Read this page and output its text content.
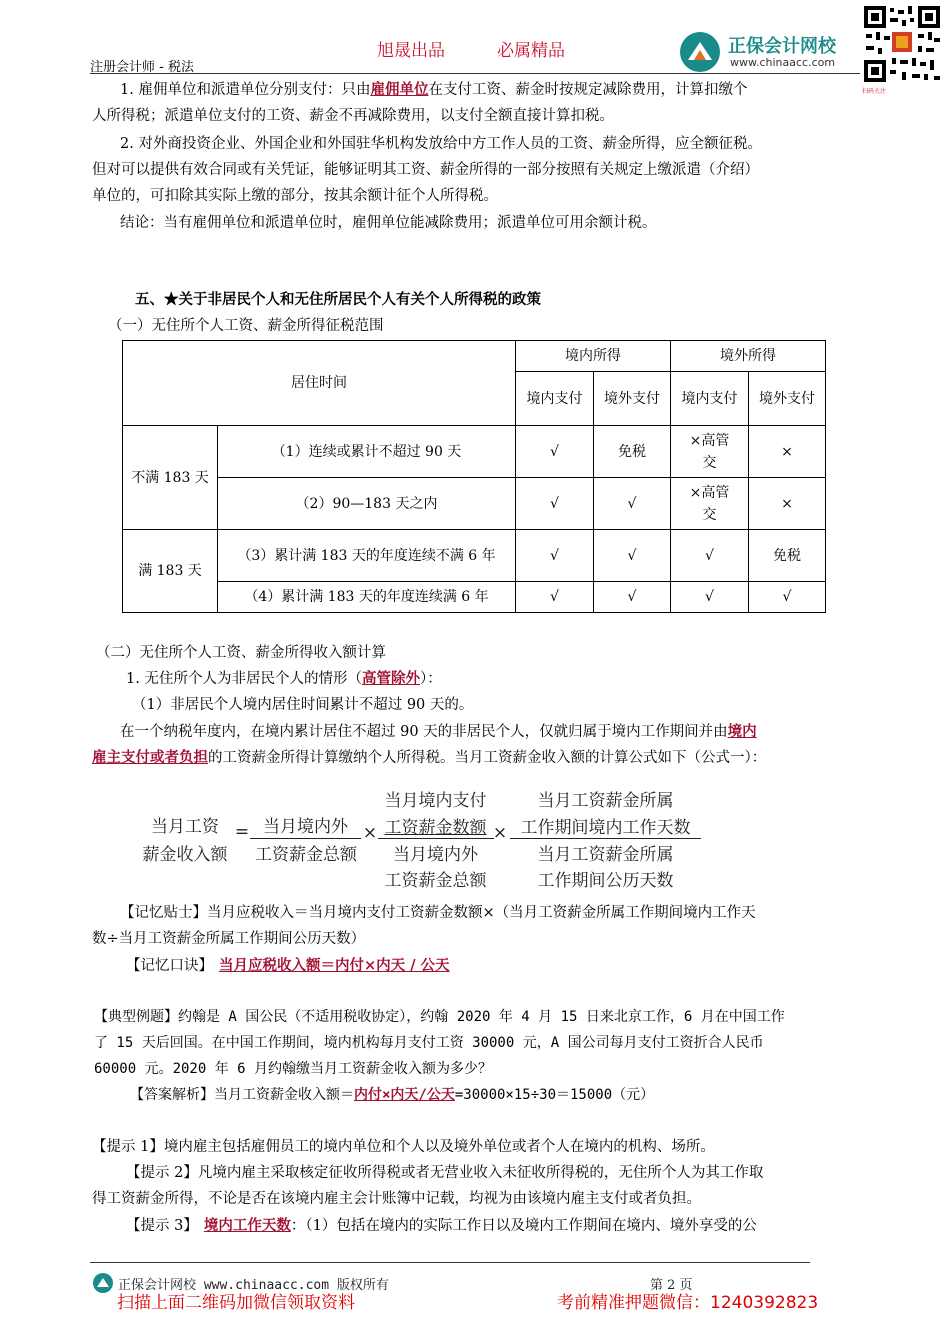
旭晟出品	必属精品
注册会计师 - 税法
正保会计网校
www.chinaacc.com
扫码关注
1. 雇佣单位和派遣单位分别支付：只由雇佣单位在支付工资、薪金时按规定减除费用，计算扣缴个
人所得税；派遣单位支付的工资、薪金不再减除费用，以支付全额直接计算扣税。
2. 对外商投资企业、外国企业和外国驻华机构发放给中方工作人员的工资、薪金所得，应全额征税。
但对可以提供有效合同或有关凭证，能够证明其工资、薪金所得的一部分按照有关规定上缴派遣（介绍）
单位的，可扣除其实际上缴的部分，按其余额计征个人所得税。
结论：当有雇佣单位和派遣单位时，雇佣单位能减除费用；派遣单位可用余额计税。
五、★关于非居民个人和无住所居民个人有关个人所得税的政策
（一）无住所个人工资、薪金所得征税范围
居住时间		境内所得		境外所得	
		境内支付	境外支付	境内支付	境外支付
不满 183 天	（1）连续或累计不超过 90 天	√	免税	×高管交	×
	（2）90—183 天之内	√	√	×高管交	×
满 183 天	（3）累计满 183 天的年度连续不满 6 年	√	√	√	免税
	（4）累计满 183 天的年度连续满 6 年	√	√	√	√
（二）无住所个人工资、薪金所得收入额计算
1. 无住所个人为非居民个人的情形（高管除外）：
（1）非居民个人境内居住时间累计不超过 90 天的。
在一个纳税年度内，在境内累计居住不超过 90 天的非居民个人，仅就归属于境内工作期间并由境内
雇主支付或者负担的工资薪金所得计算缴纳个人所得税。当月工资薪金收入额的计算公式如下（公式一）：
当月工资
薪金收入额
= 当月境内外
工资薪金总额
×
当月境内支付
工资薪金数额
当月境内外
工资薪金总额
×
当月工资薪金所属
工作期间境内工作天数
当月工资薪金所属
工作期间公历天数
【记忆贴士】当月应税收入＝当月境内支付工资薪金数额×（当月工资薪金所属工作期间境内工作天
数÷当月工资薪金所属工作期间公历天数）
【记忆口诀】 当月应税收入额＝内付×内天 / 公天
【典型例题】约翰是 A 国公民（不适用税收协定），约翰 2020 年 4 月 15 日来北京工作，6 月在中国工作
了 15 天后回国。在中国工作期间，境内机构每月支付工资 30000 元，A 国公司每月支付工资折合人民币
60000 元。2020 年 6 月约翰缴当月工资薪金收入额为多少？
【答案解析】当月工资薪金收入额＝内付×内天/公天=30000×15÷30＝15000（元）
【提示 1】境内雇主包括雇佣员工的境内单位和个人以及境外单位或者个人在境内的机构、场所。
【提示 2】凡境内雇主采取核定征收所得税或者无营业收入未征收所得税的，无住所个人为其工作取
得工资薪金所得，不论是否在该境内雇主会计账簿中记载，均视为由该境内雇主支付或者负担。
【提示 3】 境内工作天数：（1）包括在境内的实际工作日以及境内工作期间在境内、境外享受的公
正保会计网校 www.chinaacc.com 版权所有	第 2 页
扫描上面二维码加微信领取资料	考前精准押题微信：1240392823
